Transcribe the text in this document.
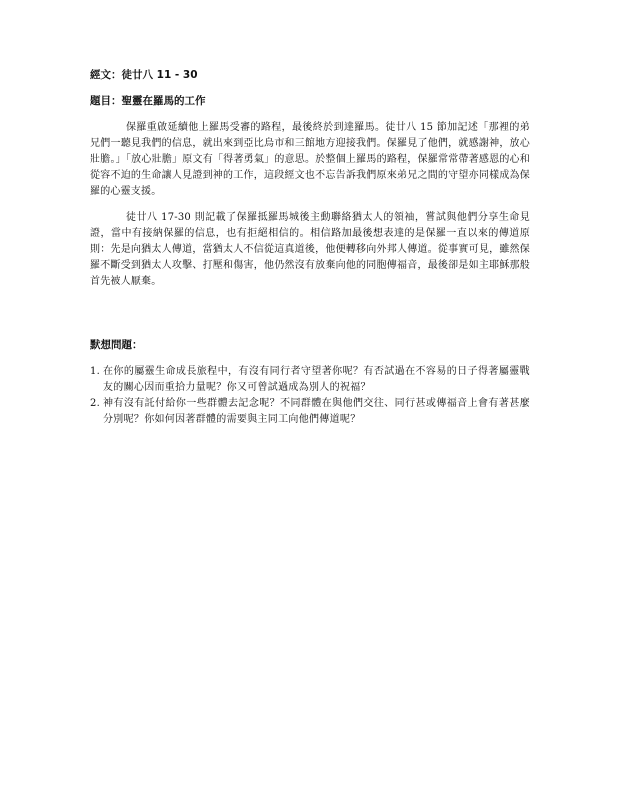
經文：徒廿八 11 - 30
題目：聖靈在羅馬的工作

保羅重啟延續他上羅馬受審的路程，最後終於到達羅馬。徒廿八 15 節加記述「那裡的弟兄們一聽見我們的信息，就出來到亞比烏市和三館地方迎接我們。保羅見了他們，就感謝神，放心壯膽。」「放心壯膽」原文有「得著勇氣」的意思。於整個上羅馬的路程，保羅常常帶著感恩的心和從容不迫的生命讓人見證到神的工作，這段經文也不忘告訴我們原來弟兄之間的守望亦同樣成為保羅的心靈支援。

徒廿八 17-30 則記載了保羅抵羅馬城後主動聯絡猶太人的領袖，嘗試與他們分享生命見證，當中有接納保羅的信息，也有拒絕相信的。相信路加最後想表達的是保羅一直以來的傳道原則：先是向猶太人傳道，當猶太人不信從這真道後，他便轉移向外邦人傳道。從事實可見，雖然保羅不斷受到猶太人攻擊、打壓和傷害，他仍然沒有放棄向他的同胞傳福音，最後卻是如主耶穌那般首先被人厭棄。

默想問題：
1. 在你的屬靈生命成長旅程中，有沒有同行者守望著你呢？有否試過在不容易的日子得著屬靈戰友的關心因而重拾力量呢？你又可曾試過成為別人的祝福？
2. 神有沒有託付給你一些群體去記念呢？不同群體在與他們交往、同行甚或傳福音上會有著甚麼分別呢？你如何因著群體的需要與主同工向他們傳道呢？
